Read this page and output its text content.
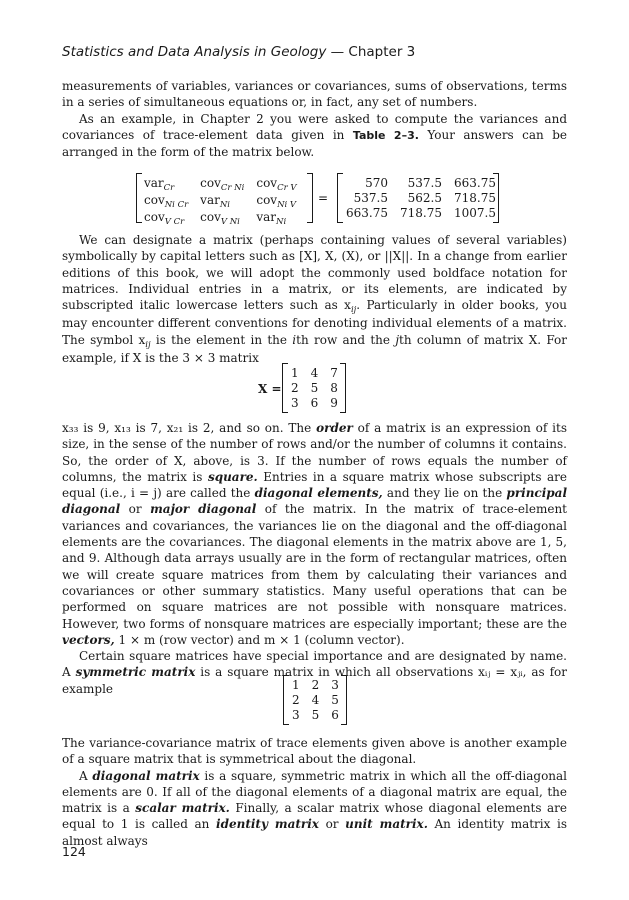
Statistics and Data Analysis in Geology — Chapter 3

measurements of variables, variances or covariances, sums of observations, terms in a series of simultaneous equations or, in fact, any set of numbers.

As an example, in Chapter 2 you were asked to compute the variances and covariances of trace-element data given in Table 2–3. Your answers can be arranged in the form of the matrix below.

var$_{Cr}$	cov$_{Cr Ni}$	cov$_{Cr V}$
cov$_{Ni Cr}$	var$_{Ni}$	cov$_{Ni V}$
cov$_{V Cr}$	cov$_{V Ni}$	var$_{Ni}$
=
570	537.5	663.75
537.5	562.5	718.75
663.75	718.75	1007.5

We can designate a matrix (perhaps containing values of several variables) symbolically by capital letters such as [X], X, (X), or ||X||. In a change from earlier editions of this book, we will adopt the commonly used boldface notation for matrices. Individual entries in a matrix, or its elements, are indicated by subscripted italic lowercase letters such as $x_{ij}$. Particularly in older books, you may encounter different conventions for denoting individual elements of a matrix. The symbol $x_{ij}$ is the element in the ith row and the jth column of matrix X. For example, if X is the 3 × 3 matrix

X =
1	4	7
2	5	8
3	6	9

x₃₃ is 9, x₁₃ is 7, x₂₁ is 2, and so on. The order of a matrix is an expression of its size, in the sense of the number of rows and/or the number of columns it contains. So, the order of X, above, is 3. If the number of rows equals the number of columns, the matrix is square. Entries in a square matrix whose subscripts are equal (i.e., i = j) are called the diagonal elements, and they lie on the principal diagonal or major diagonal of the matrix. In the matrix of trace-element variances and covariances, the variances lie on the diagonal and the off-diagonal elements are the covariances. The diagonal elements in the matrix above are 1, 5, and 9. Although data arrays usually are in the form of rectangular matrices, often we will create square matrices from them by calculating their variances and covariances or other summary statistics. Many useful operations that can be performed on square matrices are not possible with nonsquare matrices. However, two forms of nonsquare matrices are especially important; these are the vectors, 1 × m (row vector) and m × 1 (column vector).

Certain square matrices have special importance and are designated by name. A symmetric matrix is a square matrix in which all observations xᵢⱼ = xⱼᵢ, as for example	1	2	3
2	4	5
3	5	6

The variance-covariance matrix of trace elements given above is another example of a square matrix that is symmetrical about the diagonal.

A diagonal matrix is a square, symmetric matrix in which all the off-diagonal elements are 0. If all of the diagonal elements of a diagonal matrix are equal, the matrix is a scalar matrix. Finally, a scalar matrix whose diagonal elements are equal to 1 is called an identity matrix or unit matrix. An identity matrix is almost always

124
